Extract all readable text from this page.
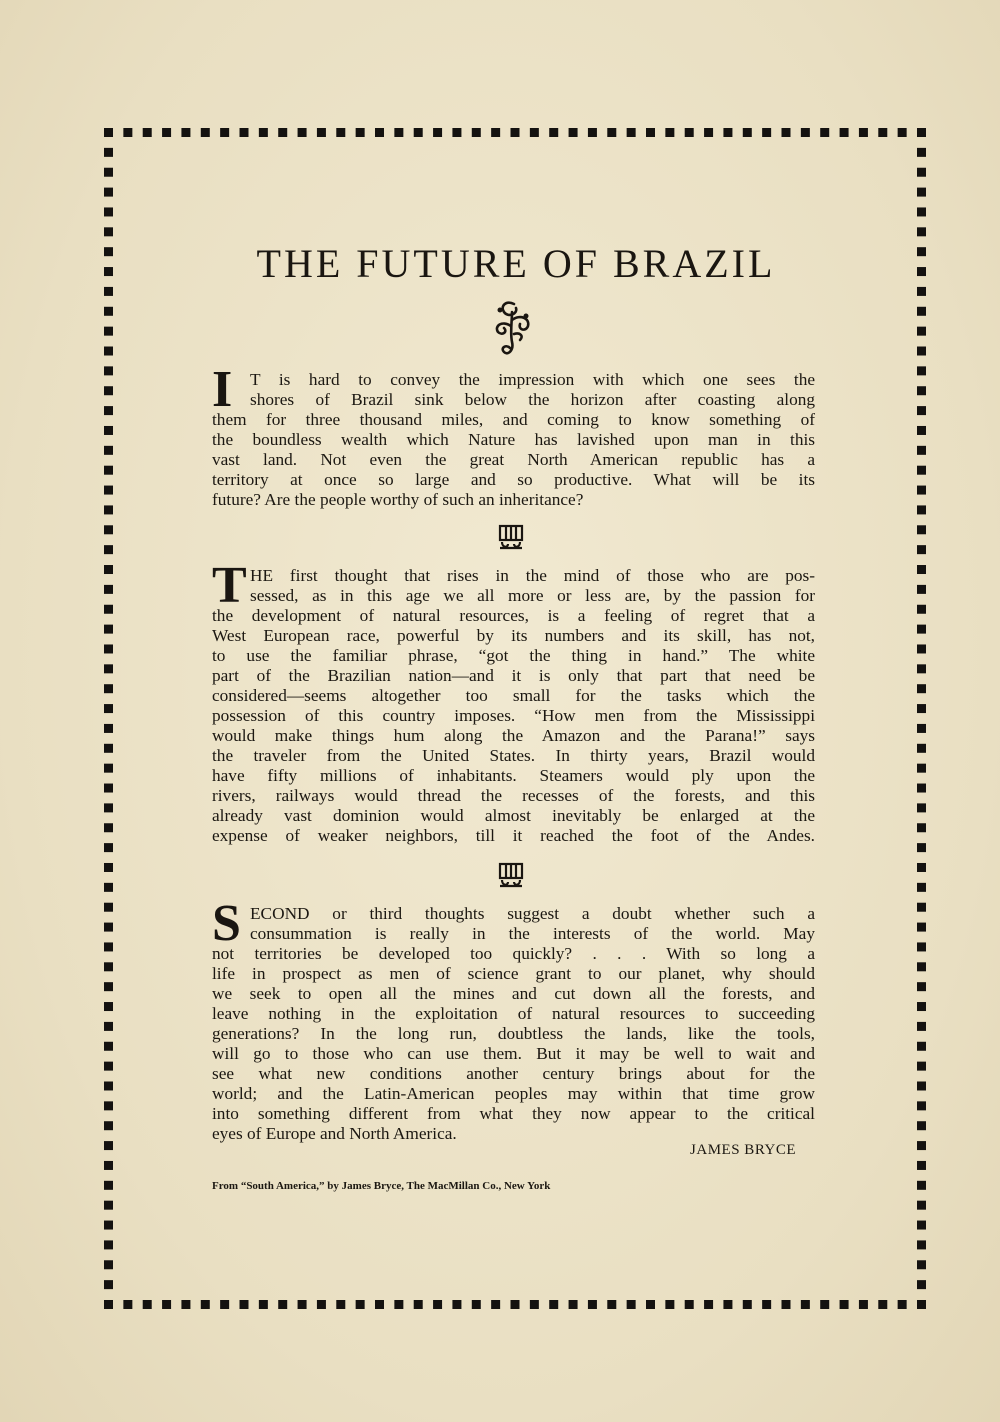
THE FUTURE OF BRAZIL
I	T is hard to convey the impression with which one sees the
shores of Brazil sink below the horizon after coasting along
them for three thousand miles, and coming to know something of
the boundless wealth which Nature has lavished upon man in this
vast land. Not even the great North American republic has a
territory at once so large and so productive. What will be its
future? Are the people worthy of such an inheritance?
T HE first thought that rises in the mind of those who are pos-
sessed, as in this age we all more or less are, by the passion for
the development of natural resources, is a feeling of regret that a
West European race, powerful by its numbers and its skill, has not,
to use the familiar phrase, “got the thing in hand.” The white
part of the Brazilian nation—and it is only that part that need be
considered—seems altogether too small for the tasks which the
possession of this country imposes. “How men from the Mississippi
would make things hum along the Amazon and the Parana!” says
the traveler from the United States. In thirty years, Brazil would
have fifty millions of inhabitants. Steamers would ply upon the
rivers, railways would thread the recesses of the forests, and this
already vast dominion would almost inevitably be enlarged at the
expense of weaker neighbors, till it reached the foot of the Andes.
S ECOND or third thoughts suggest a doubt whether such a
consummation is really in the interests of the world. May
not territories be developed too quickly? . . . With so long a
life in prospect as men of science grant to our planet, why should
we seek to open all the mines and cut down all the forests, and
leave nothing in the exploitation of natural resources to succeeding
generations? In the long run, doubtless the lands, like the tools,
will go to those who can use them. But it may be well to wait and
see what new conditions another century brings about for the
world; and the Latin-American peoples may within that time grow
into something different from what they now appear to the critical
eyes of Europe and North America.

JAMES BRYCE

From “South America,” by James Bryce, The MacMillan Co., New York
